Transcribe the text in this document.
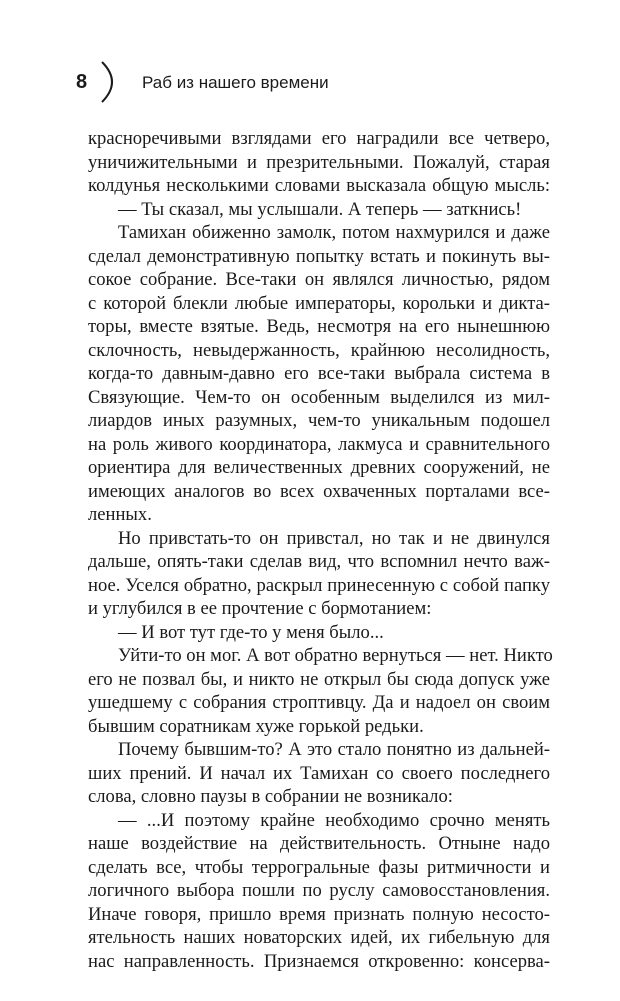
8	Раб из нашего времени
красноречивыми взглядами его наградили все четверо,
уничижительными и презрительными. Пожалуй, старая
колдунья несколькими словами высказала общую мысль:
— Ты сказал, мы услышали. А теперь — заткнись!
Тамихан обиженно замолк, потом нахмурился и даже
сделал демонстративную попытку встать и покинуть вы-
сокое собрание. Все-таки он являлся личностью, рядом
с которой блекли любые императоры, корольки и дикта-
торы, вместе взятые. Ведь, несмотря на его нынешнюю
склочность, невыдержанность, крайнюю несолидность,
когда-то давным-давно его все-таки выбрала система в
Связующие. Чем-то он особенным выделился из мил-
лиардов иных разумных, чем-то уникальным подошел
на роль живого координатора, лакмуса и сравнительного
ориентира для величественных древних сооружений, не
имеющих аналогов во всех охваченных порталами все-
ленных.
Но привстать-то он привстал, но так и не двинулся
дальше, опять-таки сделав вид, что вспомнил нечто важ-
ное. Уселся обратно, раскрыл принесенную с собой папку
и углубился в ее прочтение с бормотанием:
— И вот тут где-то у меня было...
Уйти-то он мог. А вот обратно вернуться — нет. Никто
его не позвал бы, и никто не открыл бы сюда допуск уже
ушедшему с собрания строптивцу. Да и надоел он своим
бывшим соратникам хуже горькой редьки.
Почему бывшим-то? А это стало понятно из дальней-
ших прений. И начал их Тамихан со своего последнего
слова, словно паузы в собрании не возникало:
— ...И поэтому крайне необходимо срочно менять
наше воздействие на действительность. Отныне надо
сделать все, чтобы террогральные фазы ритмичности и
логичного выбора пошли по руслу самовосстановления.
Иначе говоря, пришло время признать полную несосто-
ятельность наших новаторских идей, их гибельную для
нас направленность. Признаемся откровенно: консерва-
